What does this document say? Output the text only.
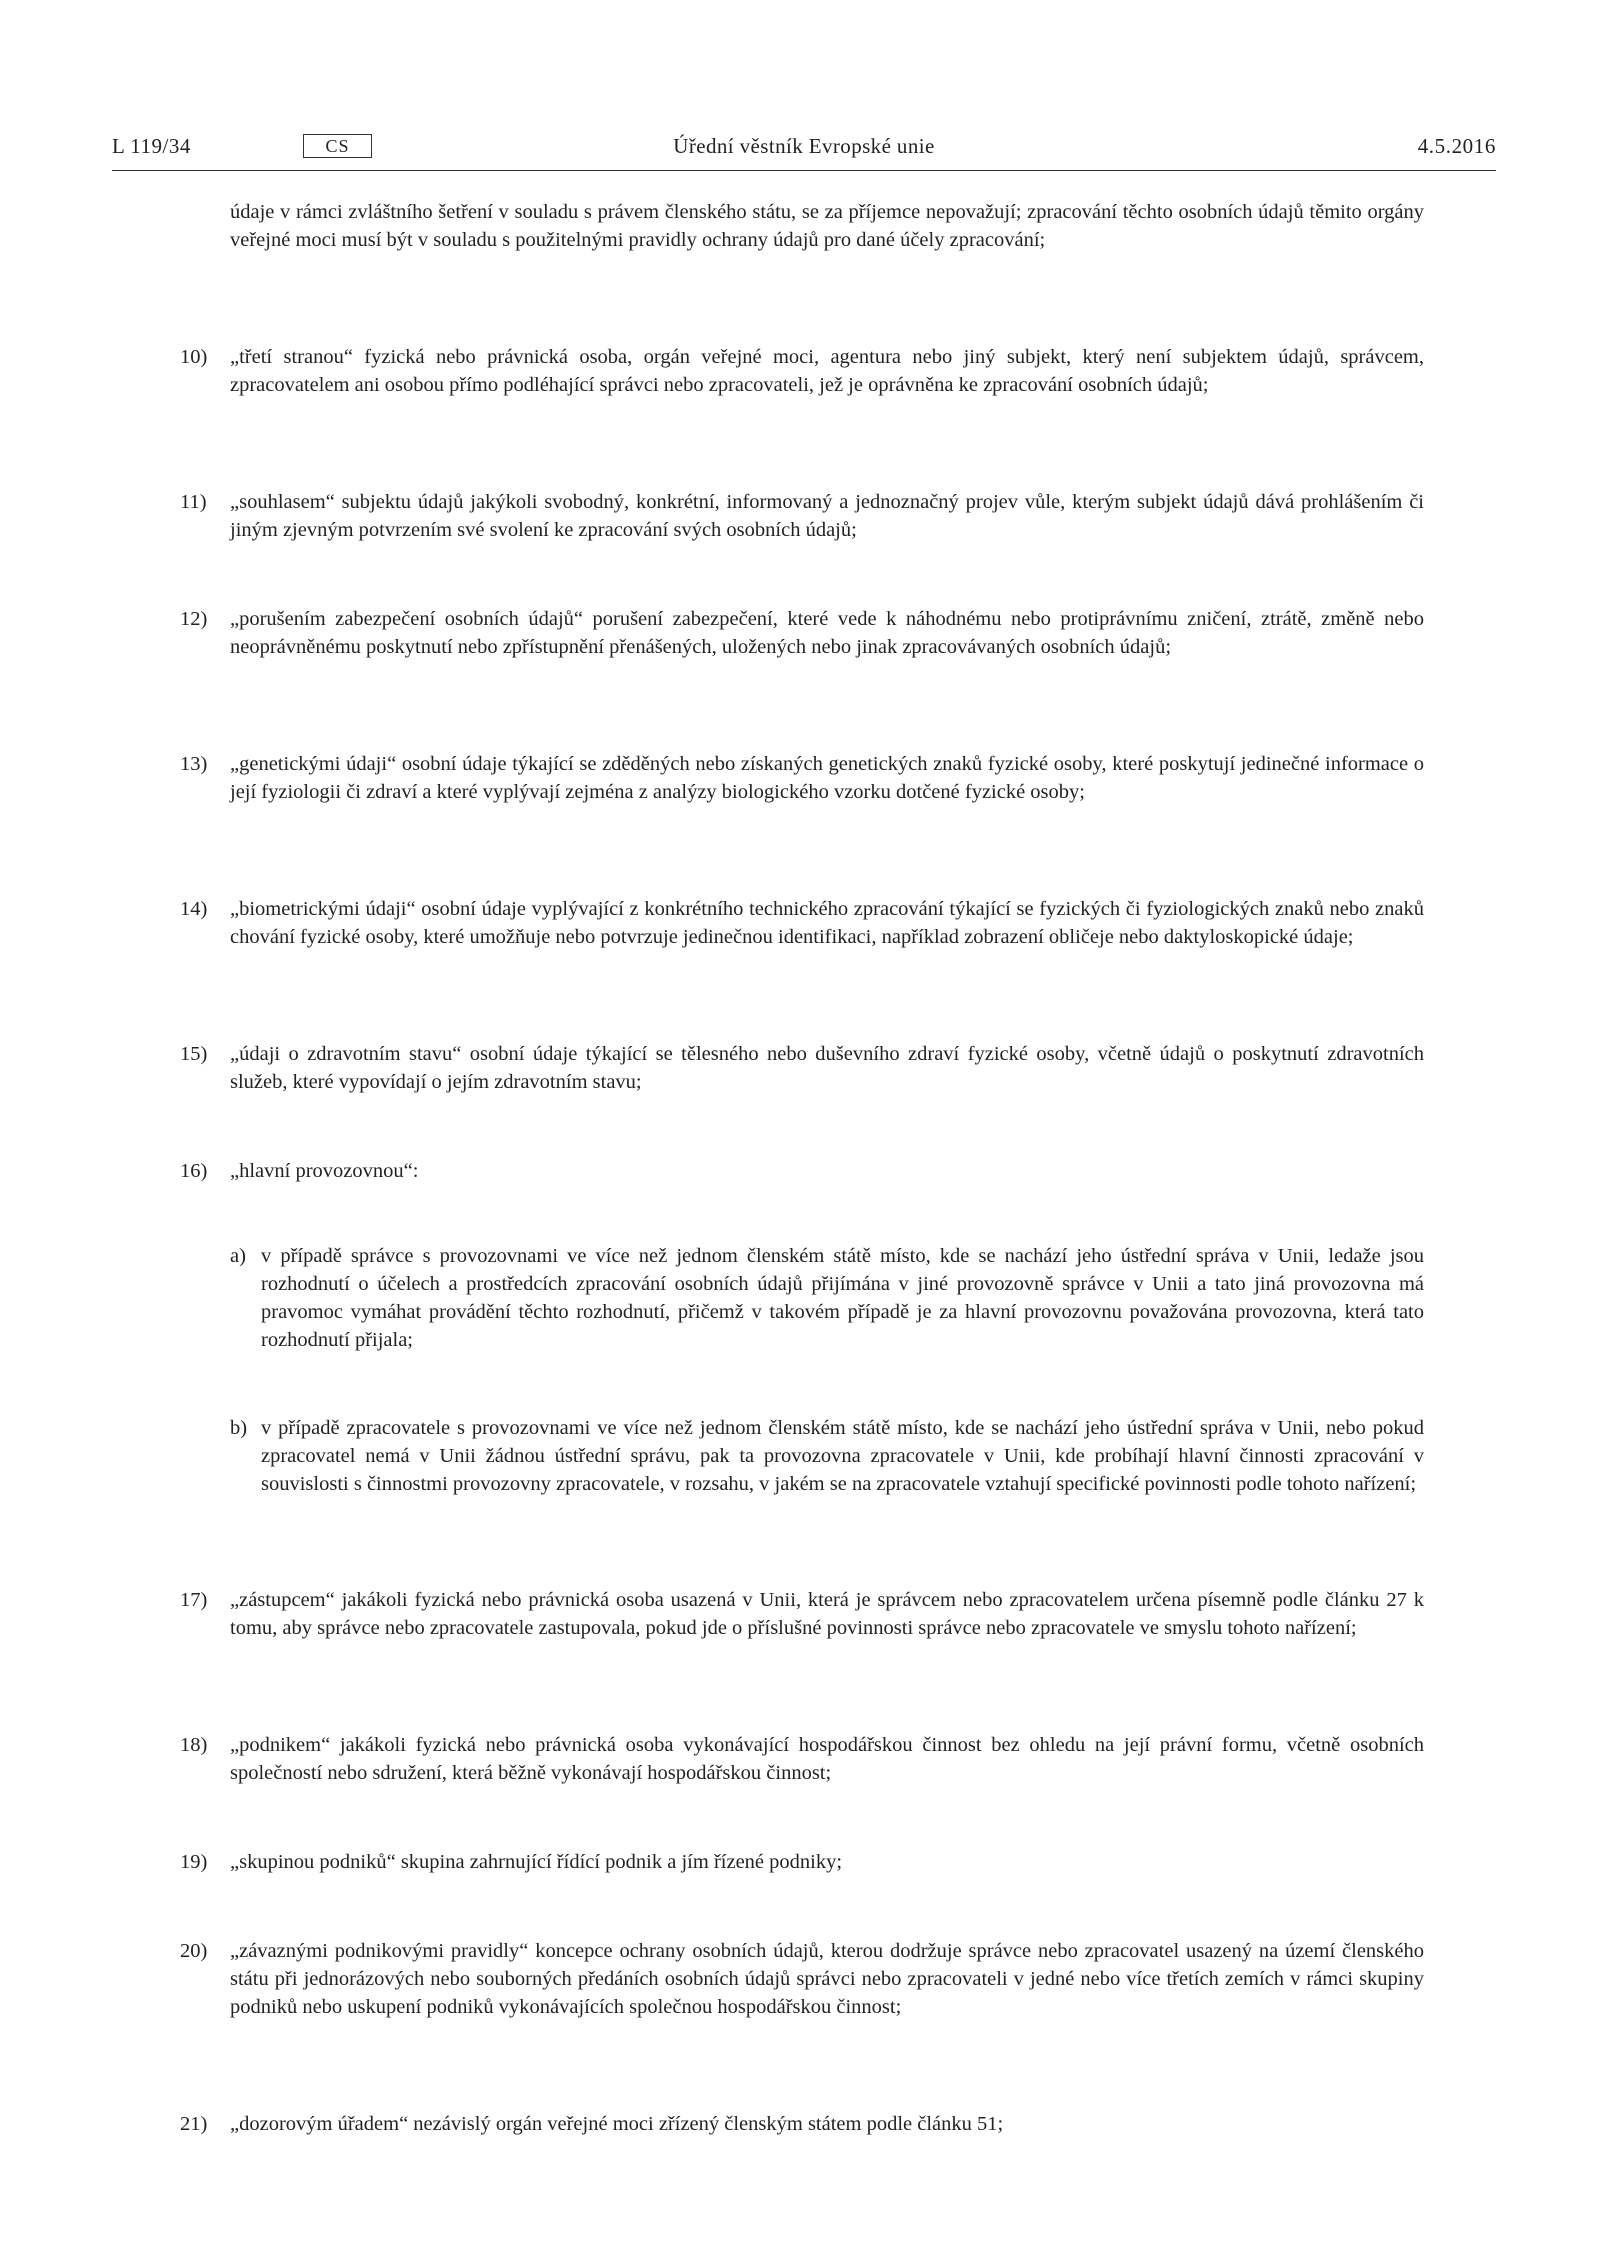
L 119/34	Úřední věstník Evropské unie
CS	4.5.2016
údaje v rámci zvláštního šetření v souladu s právem členského státu, se za příjemce nepovažují; zpracování těchto osobních údajů těmito orgány veřejné moci musí být v souladu s použitelnými pravidly ochrany údajů pro dané účely zpracování;
10)	„třetí stranou“ fyzická nebo právnická osoba, orgán veřejné moci, agentura nebo jiný subjekt, který není subjektem údajů, správcem, zpracovatelem ani osobou přímo podléhající správci nebo zpracovateli, jež je oprávněna ke zpracování osobních údajů;
11)	„souhlasem“ subjektu údajů jakýkoli svobodný, konkrétní, informovaný a jednoznačný projev vůle, kterým subjekt údajů dává prohlášením či jiným zjevným potvrzením své svolení ke zpracování svých osobních údajů;
12)	„porušením zabezpečení osobních údajů“ porušení zabezpečení, které vede k náhodnému nebo protiprávnímu zničení, ztrátě, změně nebo neoprávněnému poskytnutí nebo zpřístupnění přenášených, uložených nebo jinak zpracovávaných osobních údajů;
13)	„genetickými údaji“ osobní údaje týkající se zděděných nebo získaných genetických znaků fyzické osoby, které poskytují jedinečné informace o její fyziologii či zdraví a které vyplývají zejména z analýzy biologického vzorku dotčené fyzické osoby;
14)	„biometrickými údaji“ osobní údaje vyplývající z konkrétního technického zpracování týkající se fyzických či fyziologických znaků nebo znaků chování fyzické osoby, které umožňuje nebo potvrzuje jedinečnou identifikaci, například zobrazení obličeje nebo daktyloskopické údaje;
15)	„údaji o zdravotním stavu“ osobní údaje týkající se tělesného nebo duševního zdraví fyzické osoby, včetně údajů o poskytnutí zdravotních služeb, které vypovídají o jejím zdravotním stavu;
16)	„hlavní provozovnou“:
a) v případě správce s provozovnami ve více než jednom členském státě místo, kde se nachází jeho ústřední správa v Unii, ledaže jsou rozhodnutí o účelech a prostředcích zpracování osobních údajů přijímána v jiné provozovně správce v Unii a tato jiná provozovna má pravomoc vymáhat provádění těchto rozhodnutí, přičemž v takovém případě je za hlavní provozovnu považována provozovna, která tato rozhodnutí přijala;
b) v případě zpracovatele s provozovnami ve více než jednom členském státě místo, kde se nachází jeho ústřední správa v Unii, nebo pokud zpracovatel nemá v Unii žádnou ústřední správu, pak ta provozovna zpracovatele v Unii, kde probíhají hlavní činnosti zpracování v souvislosti s činnostmi provozovny zpracovatele, v rozsahu, v jakém se na zpracovatele vztahují specifické povinnosti podle tohoto nařízení;
17)	„zástupcem“ jakákoli fyzická nebo právnická osoba usazená v Unii, která je správcem nebo zpracovatelem určena písemně podle článku 27 k tomu, aby správce nebo zpracovatele zastupovala, pokud jde o příslušné povinnosti správce nebo zpracovatele ve smyslu tohoto nařízení;
18)	„podnikem“ jakákoli fyzická nebo právnická osoba vykonávající hospodářskou činnost bez ohledu na její právní formu, včetně osobních společností nebo sdružení, která běžně vykonávají hospodářskou činnost;
19)	„skupinou podniků“ skupina zahrnující řídící podnik a jím řízené podniky;
20)	„závaznými podnikovými pravidly“ koncepce ochrany osobních údajů, kterou dodržuje správce nebo zpracovatel usazený na území členského státu při jednorázových nebo souborných předáních osobních údajů správci nebo zpracovateli v jedné nebo více třetích zemích v rámci skupiny podniků nebo uskupení podniků vykonávajících společnou hospodářskou činnost;
21)	„dozorovým úřadem“ nezávislý orgán veřejné moci zřízený členským státem podle článku 51;
